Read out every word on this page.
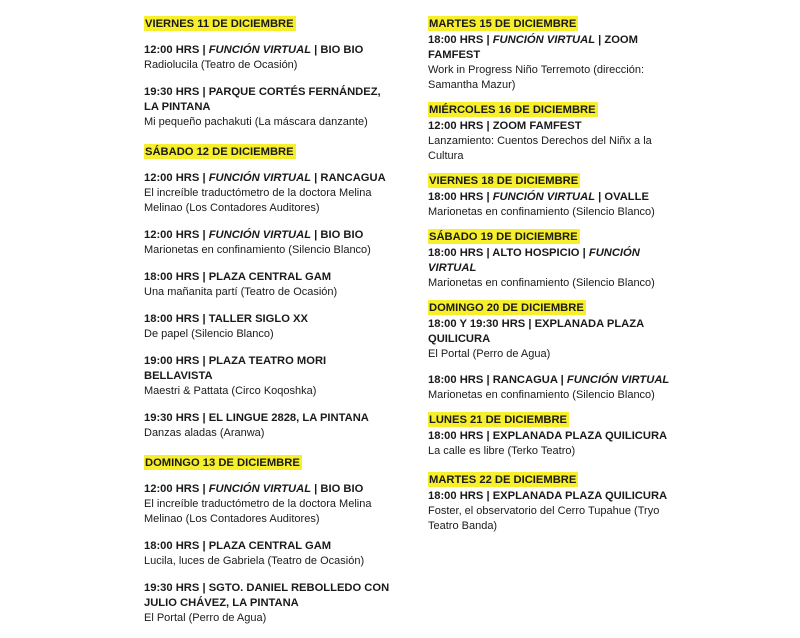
VIERNES 11 DE DICIEMBRE
12:00 HRS | FUNCIÓN VIRTUAL | BIO BIO
Radiolucila (Teatro de Ocasión)
19:30 HRS | PARQUE CORTÉS FERNÁNDEZ, LA PINTANA
Mi pequeño pachakuti (La máscara danzante)
SÁBADO 12 DE DICIEMBRE
12:00 HRS | FUNCIÓN VIRTUAL | RANCAGUA
El increíble traductómetro de la doctora Melina Melinao (Los Contadores Auditores)
12:00 HRS | FUNCIÓN VIRTUAL | BIO BIO
Marionetas en confinamiento (Silencio Blanco)
18:00 HRS | PLAZA CENTRAL GAM
Una mañanita partí (Teatro de Ocasión)
18:00 HRS | TALLER SIGLO XX
De papel (Silencio Blanco)
19:00 HRS | PLAZA TEATRO MORI BELLAVISTA
Maestri & Pattata (Circo Koqoshka)
19:30 HRS | EL LINGUE 2828, LA PINTANA
Danzas aladas (Aranwa)
DOMINGO 13 DE DICIEMBRE
12:00 HRS | FUNCIÓN VIRTUAL | BIO BIO
El increíble traductómetro de la doctora Melina Melinao (Los Contadores Auditores)
18:00 HRS | PLAZA CENTRAL GAM
Lucila, luces de Gabriela (Teatro de Ocasión)
19:30 HRS | SGTO. DANIEL REBOLLEDO CON JULIO CHÁVEZ, LA PINTANA
El Portal (Perro de Agua)
MARTES 15 DE DICIEMBRE
18:00 HRS | FUNCIÓN VIRTUAL | ZOOM FAMFEST
Work in Progress Niño Terremoto (dirección: Samantha Mazur)
MIÉRCOLES 16 DE DICIEMBRE
12:00 HRS | ZOOM FAMFEST
Lanzamiento: Cuentos Derechos del Niñx a la Cultura
VIERNES 18 DE DICIEMBRE
18:00 HRS | FUNCIÓN VIRTUAL | OVALLE
Marionetas en confinamiento (Silencio Blanco)
SÁBADO 19 DE DICIEMBRE
18:00 HRS | ALTO HOSPICIO | FUNCIÓN VIRTUAL
Marionetas en confinamiento (Silencio Blanco)
DOMINGO 20 DE DICIEMBRE
18:00 Y 19:30 HRS | EXPLANADA PLAZA QUILICURA
El Portal (Perro de Agua)
18:00 HRS | RANCAGUA | FUNCIÓN VIRTUAL
Marionetas en confinamiento (Silencio Blanco)
LUNES 21 DE DICIEMBRE
18:00 HRS | EXPLANADA PLAZA QUILICURA
La calle es libre (Terko Teatro)
MARTES 22 DE DICIEMBRE
18:00 HRS | EXPLANADA PLAZA QUILICURA
Foster, el observatorio del Cerro Tupahue (Tryo Teatro Banda)
